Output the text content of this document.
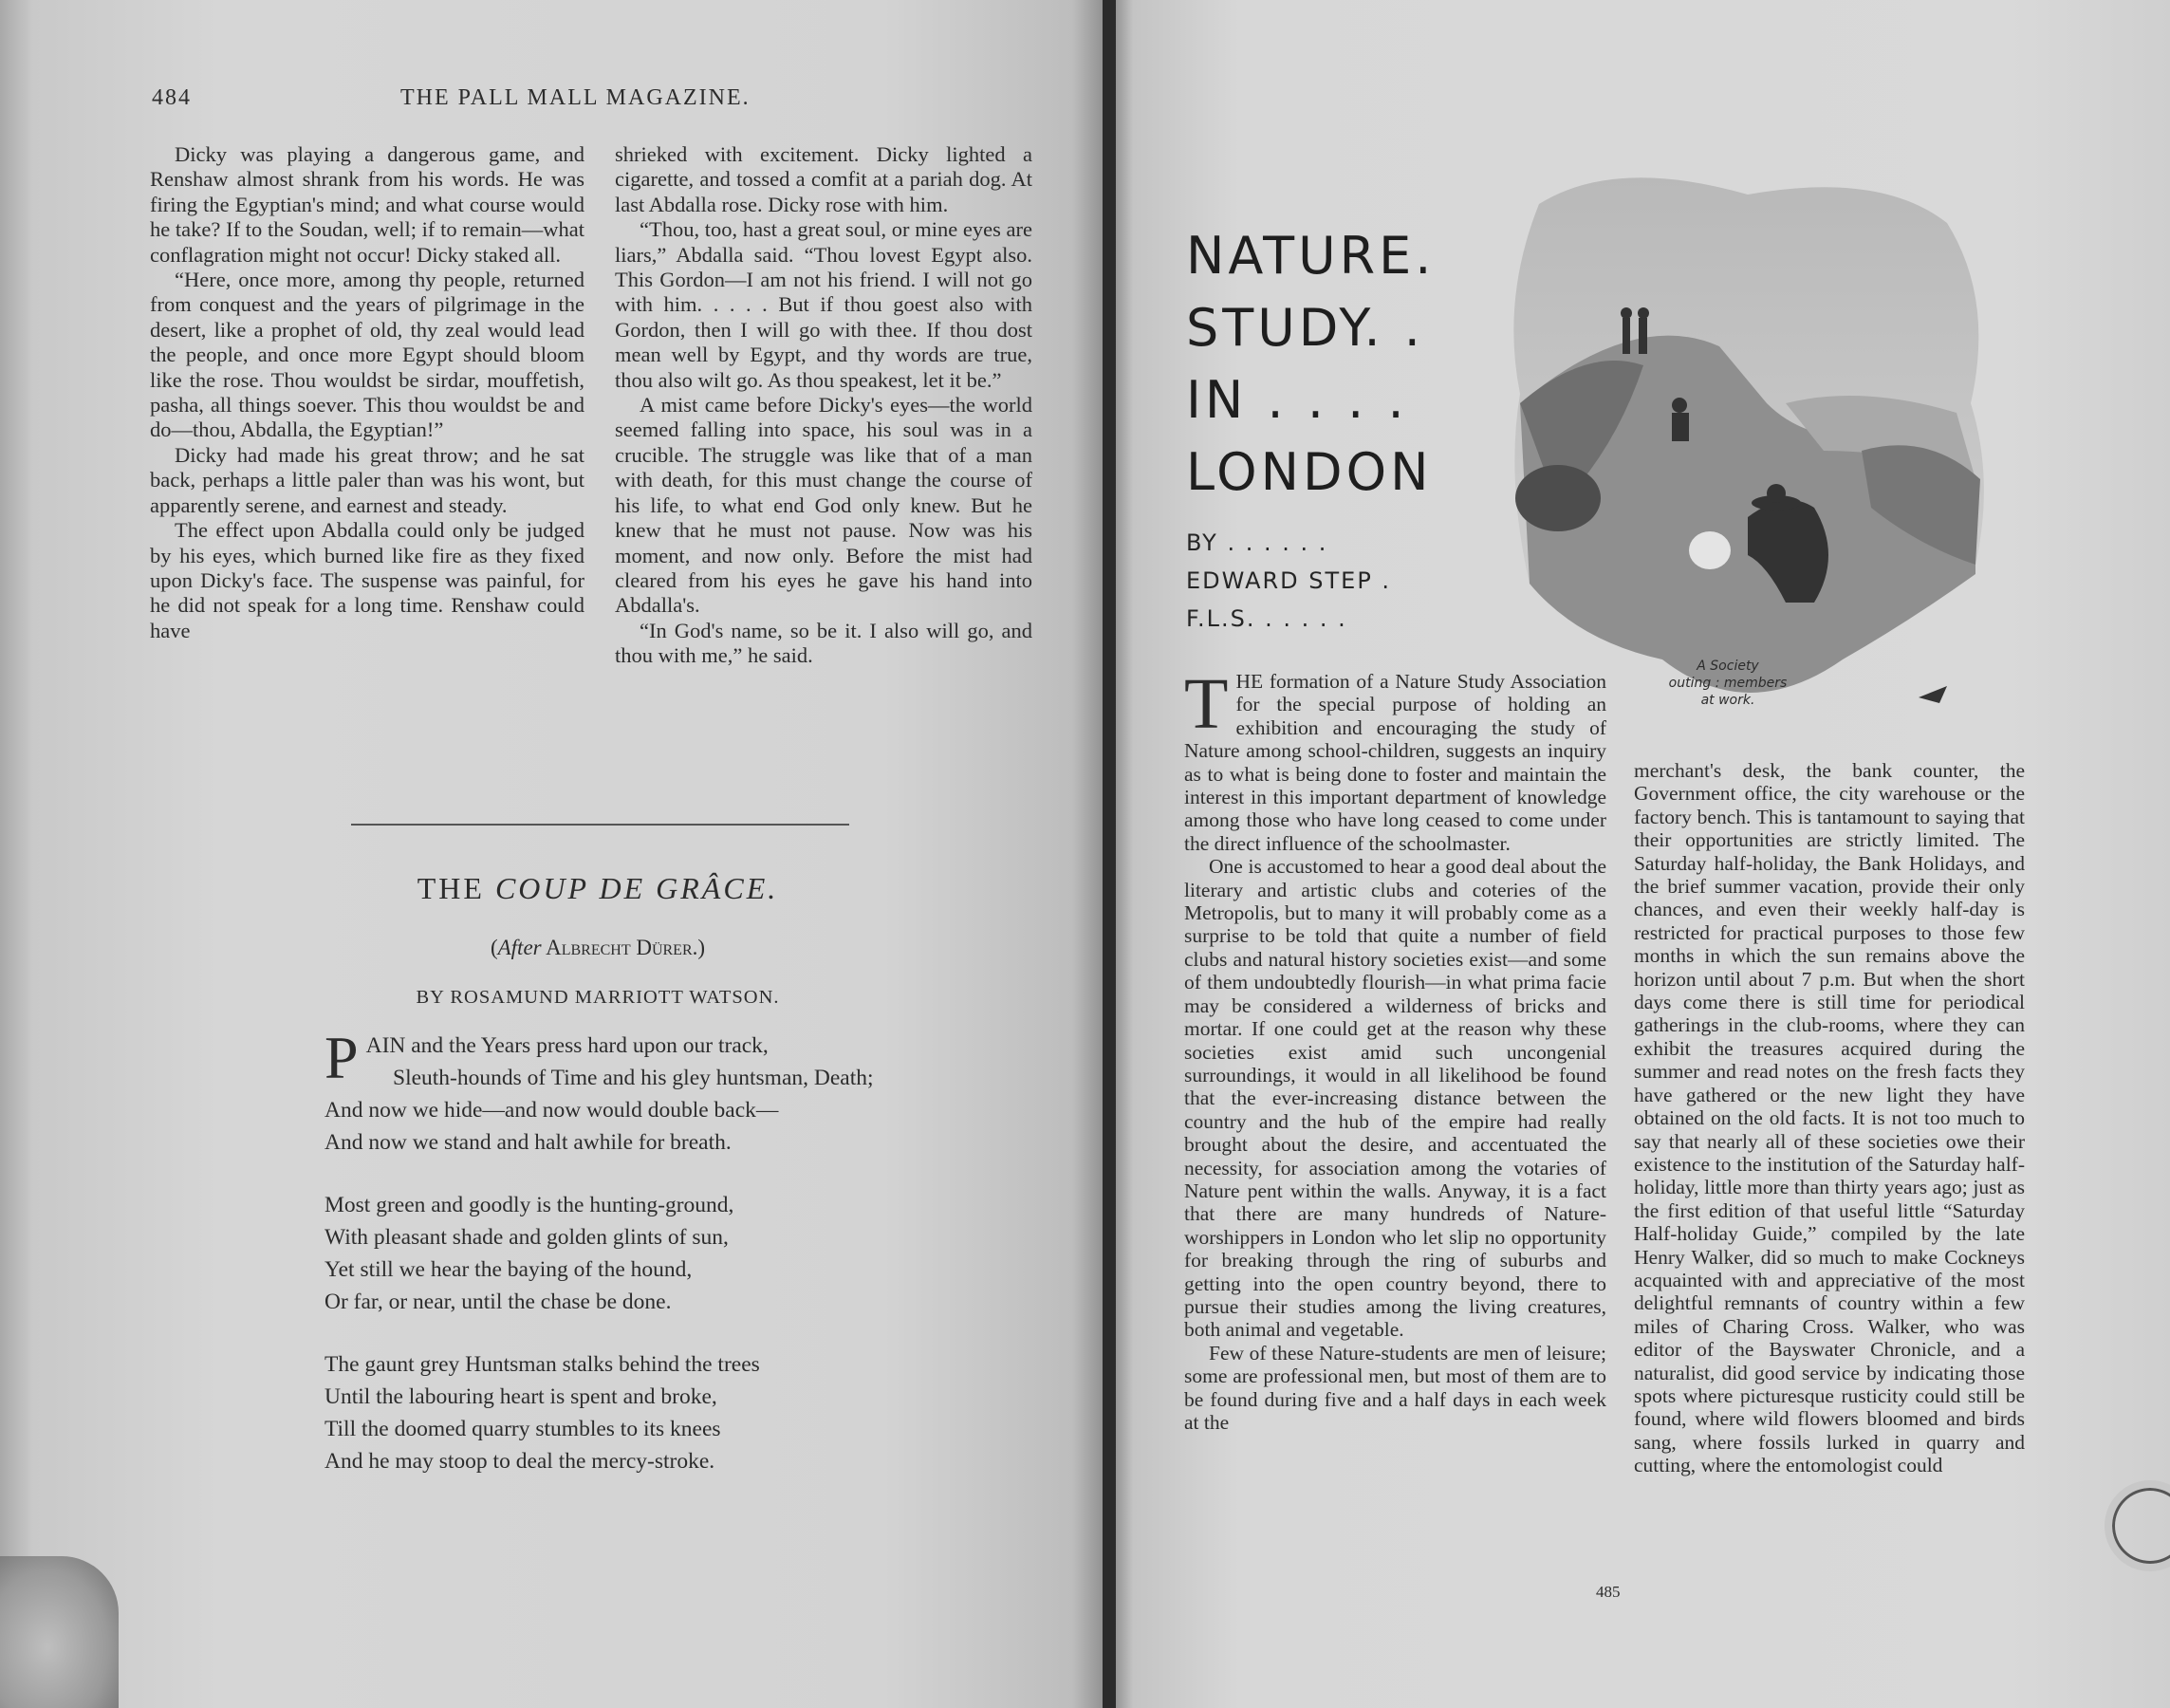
484	THE PALL MALL MAGAZINE.

Dicky was playing a dangerous game, and Renshaw almost shrank from his words. He was firing the Egyptian's mind; and what course would he take? If to the Soudan, well; if to remain—what conflagration might not occur! Dicky staked all.

“Here, once more, among thy people, returned from conquest and the years of pilgrimage in the desert, like a prophet of old, thy zeal would lead the people, and once more Egypt should bloom like the rose. Thou wouldst be sirdar, mouffetish, pasha, all things soever. This thou wouldst be and do—thou, Abdalla, the Egyptian!”

Dicky had made his great throw; and he sat back, perhaps a little paler than was his wont, but apparently serene, and earnest and steady.

The effect upon Abdalla could only be judged by his eyes, which burned like fire as they fixed upon Dicky's face. The suspense was painful, for he did not speak for a long time. Renshaw could have

shrieked with excitement. Dicky lighted a cigarette, and tossed a comfit at a pariah dog. At last Abdalla rose. Dicky rose with him.

“Thou, too, hast a great soul, or mine eyes are liars,” Abdalla said. “Thou lovest Egypt also. This Gordon—I am not his friend. I will not go with him. . . . . But if thou goest also with Gordon, then I will go with thee. If thou dost mean well by Egypt, and thy words are true, thou also wilt go. As thou speakest, let it be.”

A mist came before Dicky's eyes—the world seemed falling into space, his soul was in a crucible. The struggle was like that of a man with death, for this must change the course of his life, to what end God only knew. But he knew that he must not pause. Now was his moment, and now only. Before the mist had cleared from his eyes he gave his hand into Abdalla's.

“In God's name, so be it. I also will go, and thou with me,” he said.

THE COUP DE GRÂCE.
(After Albrecht Dürer.)
BY ROSAMUND MARRIOTT WATSON.
PAIN and the Years press hard upon our track,
Sleuth-hounds of Time and his gley huntsman, Death;
And now we hide—and now would double back—
And now we stand and halt awhile for breath.
Most green and goodly is the hunting-ground,
With pleasant shade and golden glints of sun,
Yet still we hear the baying of the hound,
Or far, or near, until the chase be done.
The gaunt grey Huntsman stalks behind the trees
Until the labouring heart is spent and broke,
Till the doomed quarry stumbles to its knees
And he may stoop to deal the mercy-stroke.
NATURE.
STUDY. .
IN . . . .
LONDON
BY . . . . . .
EDWARD STEP .
F.L.S. . . . . .
A Society
outing : members
at work.

THE formation of a Nature Study Association for the special purpose of holding an exhibition and encouraging the study of Nature among school-children, suggests an inquiry as to what is being done to foster and maintain the interest in this important department of knowledge among those who have long ceased to come under the direct influence of the schoolmaster.

One is accustomed to hear a good deal about the literary and artistic clubs and coteries of the Metropolis, but to many it will probably come as a surprise to be told that quite a number of field clubs and natural history societies exist—and some of them undoubtedly flourish—in what prima facie may be considered a wilderness of bricks and mortar. If one could get at the reason why these societies exist amid such uncongenial surroundings, it would in all likelihood be found that the ever-increasing distance between the country and the hub of the empire had really brought about the desire, and accentuated the necessity, for association among the votaries of Nature pent within the walls. Anyway, it is a fact that there are many hundreds of Nature-worshippers in London who let slip no opportunity for breaking through the ring of suburbs and getting into the open country beyond, there to pursue their studies among the living creatures, both animal and vegetable.

Few of these Nature-students are men of leisure; some are professional men, but most of them are to be found during five and a half days in each week at the

merchant's desk, the bank counter, the Government office, the city warehouse or the factory bench. This is tantamount to saying that their opportunities are strictly limited. The Saturday half-holiday, the Bank Holidays, and the brief summer vacation, provide their only chances, and even their weekly half-day is restricted for practical purposes to those few months in which the sun remains above the horizon until about 7 p.m. But when the short days come there is still time for periodical gatherings in the club-rooms, where they can exhibit the treasures acquired during the summer and read notes on the fresh facts they have gathered or the new light they have obtained on the old facts. It is not too much to say that nearly all of these societies owe their existence to the institution of the Saturday half-holiday, little more than thirty years ago; just as the first edition of that useful little “Saturday Half-holiday Guide,” compiled by the late Henry Walker, did so much to make Cockneys acquainted with and appreciative of the most delightful remnants of country within a few miles of Charing Cross. Walker, who was editor of the Bayswater Chronicle, and a naturalist, did good service by indicating those spots where picturesque rusticity could still be found, where wild flowers bloomed and birds sang, where fossils lurked in quarry and cutting, where the entomologist could

485
